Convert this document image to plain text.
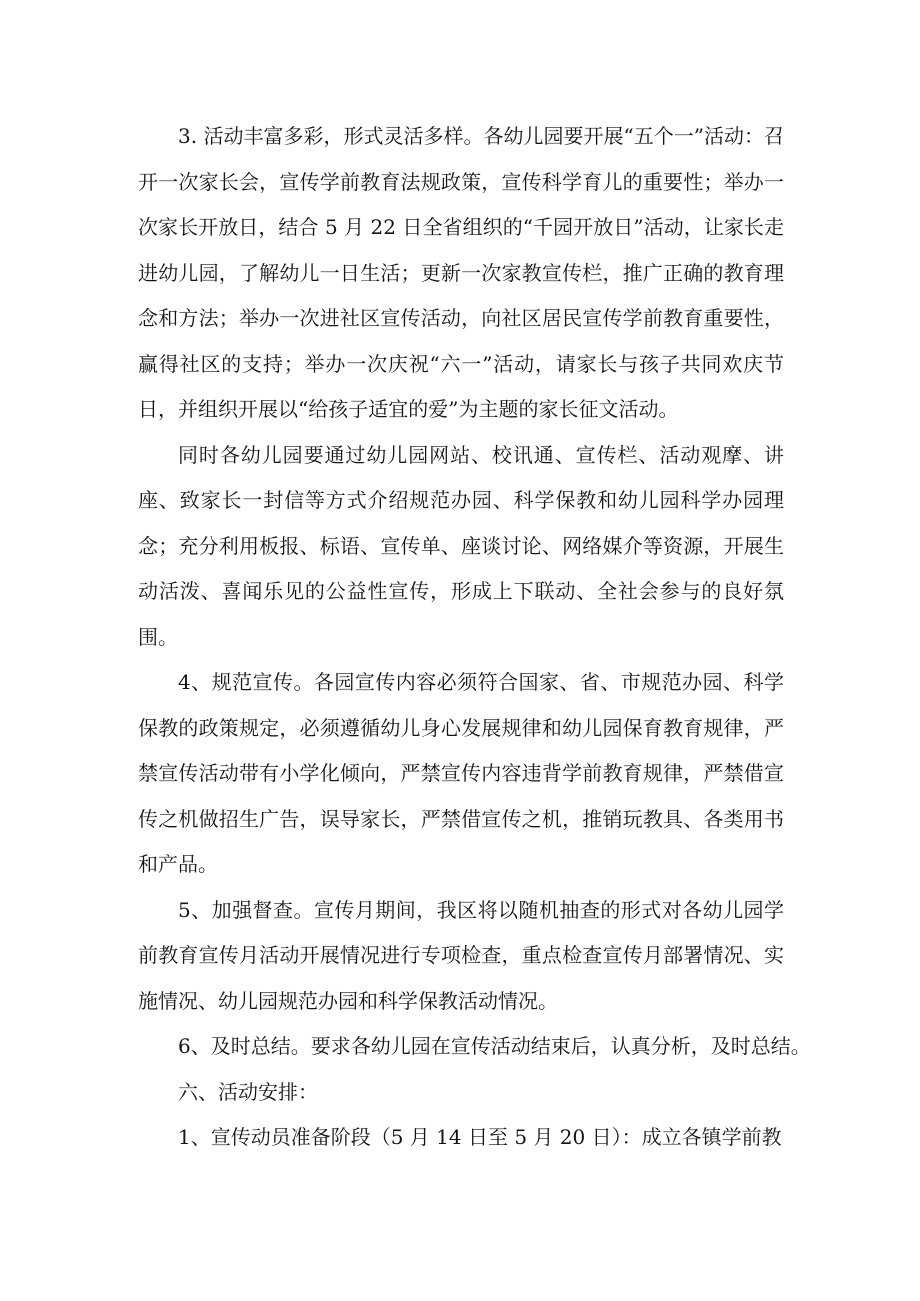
3. 活动丰富多彩，形式灵活多样。各幼儿园要开展“五个一”活动：召开一次家长会，宣传学前教育法规政策，宣传科学育儿的重要性；举办一次家长开放日，结合 5 月 22 日全省组织的“千园开放日”活动，让家长走进幼儿园，了解幼儿一日生活；更新一次家教宣传栏，推广正确的教育理念和方法；举办一次进社区宣传活动，向社区居民宣传学前教育重要性，赢得社区的支持；举办一次庆祝“六一”活动，请家长与孩子共同欢庆节日，并组织开展以“给孩子适宜的爱”为主题的家长征文活动。

同时各幼儿园要通过幼儿园网站、校讯通、宣传栏、活动观摩、讲座、致家长一封信等方式介绍规范办园、科学保教和幼儿园科学办园理念；充分利用板报、标语、宣传单、座谈讨论、网络媒介等资源，开展生动活泼、喜闻乐见的公益性宣传，形成上下联动、全社会参与的良好氛围。

4、规范宣传。各园宣传内容必须符合国家、省、市规范办园、科学保教的政策规定，必须遵循幼儿身心发展规律和幼儿园保育教育规律，严禁宣传活动带有小学化倾向，严禁宣传内容违背学前教育规律，严禁借宣传之机做招生广告，误导家长，严禁借宣传之机，推销玩教具、各类用书和产品。

5、加强督查。宣传月期间，我区将以随机抽查的形式对各幼儿园学前教育宣传月活动开展情况进行专项检查，重点检查宣传月部署情况、实施情况、幼儿园规范办园和科学保教活动情况。

6、及时总结。要求各幼儿园在宣传活动结束后，认真分析，及时总结。

六、活动安排：

1、宣传动员准备阶段（5 月 14 日至 5 月 20 日）：成立各镇学前教
